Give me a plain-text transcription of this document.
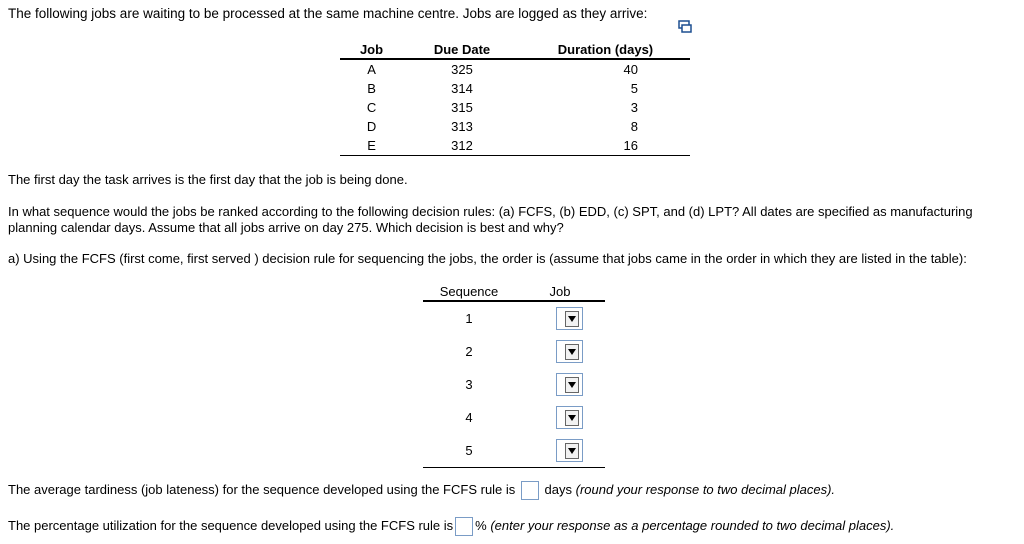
The following jobs are waiting to be processed at the same machine centre. Jobs are logged as they arrive:
Job	Due Date	Duration (days)
A	325	40
B	314	5
C	315	3
D	313	8
E	312	16
The first day the task arrives is the first day that the job is being done.
In what sequence would the jobs be ranked according to the following decision rules: (a) FCFS, (b) EDD, (c) SPT, and (d) LPT? All dates are specified as manufacturing planning calendar days. Assume that all jobs arrive on day 275. Which decision is best and why?
a) Using the FCFS (first come, first served ) decision rule for sequencing the jobs, the order is (assume that jobs came in the order in which they are listed in the table):
Sequence	Job
1	

2	

3	

4	

5	
The average tardiness (job lateness) for the sequence developed using the FCFS rule is days (round your response to two decimal places).
The percentage utilization for the sequence developed using the FCFS rule is % (enter your response as a percentage rounded to two decimal places).
